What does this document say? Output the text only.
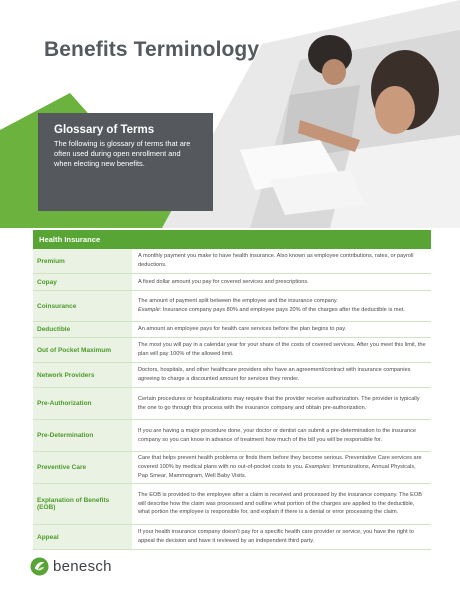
Glossary of Terms
The following is glossary of terms that are often used during open enrollment and when electing new benefits.
Benefits Terminology
Health Insurance
Premium
A monthly payment you make to have health insurance. Also known as employee contributions, rates, or payroll deductions.
Copay	A fixed dollar amount you pay for covered services and prescriptions.
Coinsurance
The amount of payment split between the employee and the insurance company.
Example: Insurance company pays 80% and employee pays 20% of the charges after the deductible is met.
Deductible	An amount an employee pays for health care services before the plan begins to pay.
Out of Pocket Maximum
The most you will pay in a calendar year for your share of the costs of covered services. After you meet this limit, the plan will pay 100% of the allowed limit.
Network Providers
Doctors, hospitals, and other healthcare providers who have an agreement/contract with insurance companies agreeing to charge a discounted amount for services they render.
Pre-Authorization
Certain procedures or hospitalizations may require that the provider receive authorization. The provider is typically the one to go through this process with the insurance company and obtain pre-authorization.
Pre-Determination
If you are having a major procedure done, your doctor or dentist can submit a pre-determination to the insurance company so you can know in advance of treatment how much of the bill you will be responsible for.
Preventive Care
Care that helps prevent health problems or finds them before they become serious. Preventative Care services are covered 100% by medical plans with no out-of-pocket costs to you. Examples: Immunizations, Annual Physicals, Pap Smear, Mammogram, Well Baby Visits.
Explanation of Benefits (EOB)
The EOB is provided to the employee after a claim is received and processed by the insurance company. The EOB will describe how the claim was processed and outline what portion of the charges are applied to the deductible, what portion the employee is responsible for, and explain if there is a denial or error processing the claim.
Appeal
If your health insurance company doesn't pay for a specific health care provider or service, you have the right to appeal the decision and have it reviewed by an independent third party.
benesch
